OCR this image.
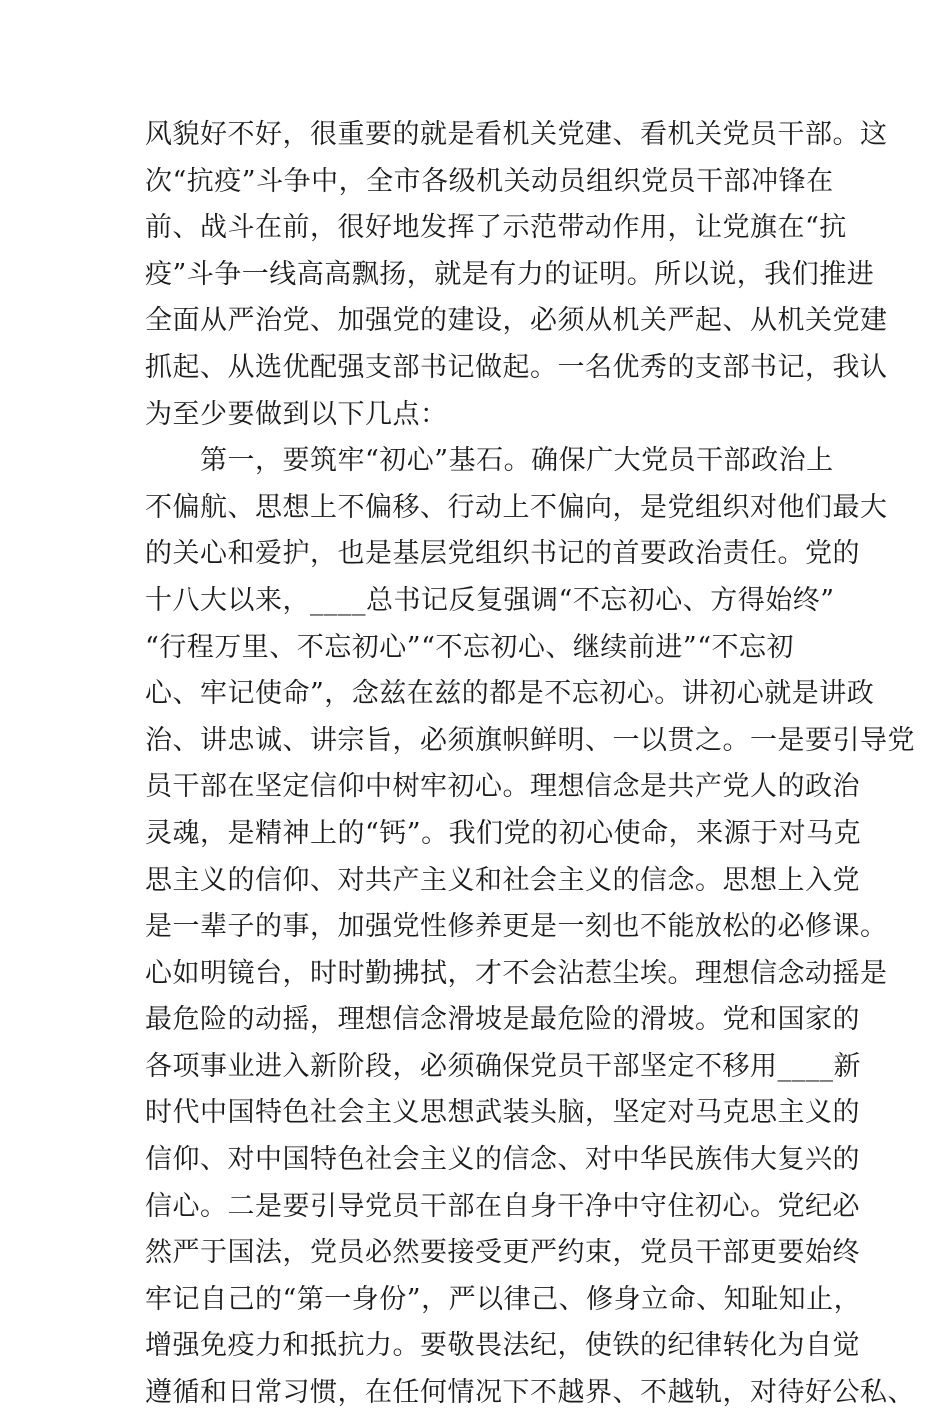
风貌好不好，很重要的就是看机关党建、看机关党员干部。这
次“抗疫”斗争中，全市各级机关动员组织党员干部冲锋在
前、战斗在前，很好地发挥了示范带动作用，让党旗在“抗
疫”斗争一线高高飘扬，就是有力的证明。所以说，我们推进
全面从严治党、加强党的建设，必须从机关严起、从机关党建
抓起、从选优配强支部书记做起。一名优秀的支部书记，我认
为至少要做到以下几点：
　　第一，要筑牢“初心”基石。确保广大党员干部政治上
不偏航、思想上不偏移、行动上不偏向，是党组织对他们最大
的关心和爱护，也是基层党组织书记的首要政治责任。党的
十八大以来，____总书记反复强调“不忘初心、方得始终”
“行程万里、不忘初心”“不忘初心、继续前进”“不忘初
心、牢记使命”，念兹在兹的都是不忘初心。讲初心就是讲政
治、讲忠诚、讲宗旨，必须旗帜鲜明、一以贯之。一是要引导党
员干部在坚定信仰中树牢初心。理想信念是共产党人的政治
灵魂，是精神上的“钙”。我们党的初心使命，来源于对马克
思主义的信仰、对共产主义和社会主义的信念。思想上入党
是一辈子的事，加强党性修养更是一刻也不能放松的必修课。
心如明镜台，时时勤拂拭，才不会沾惹尘埃。理想信念动摇是
最危险的动摇，理想信念滑坡是最危险的滑坡。党和国家的
各项事业进入新阶段，必须确保党员干部坚定不移用____新
时代中国特色社会主义思想武装头脑，坚定对马克思主义的
信仰、对中国特色社会主义的信念、对中华民族伟大复兴的
信心。二是要引导党员干部在自身干净中守住初心。党纪必
然严于国法，党员必然要接受更严约束，党员干部更要始终
牢记自己的“第一身份”，严以律己、修身立命、知耻知止，
增强免疫力和抵抗力。要敬畏法纪，使铁的纪律转化为自觉
遵循和日常习惯，在任何情况下不越界、不越轨，对待好公私、
